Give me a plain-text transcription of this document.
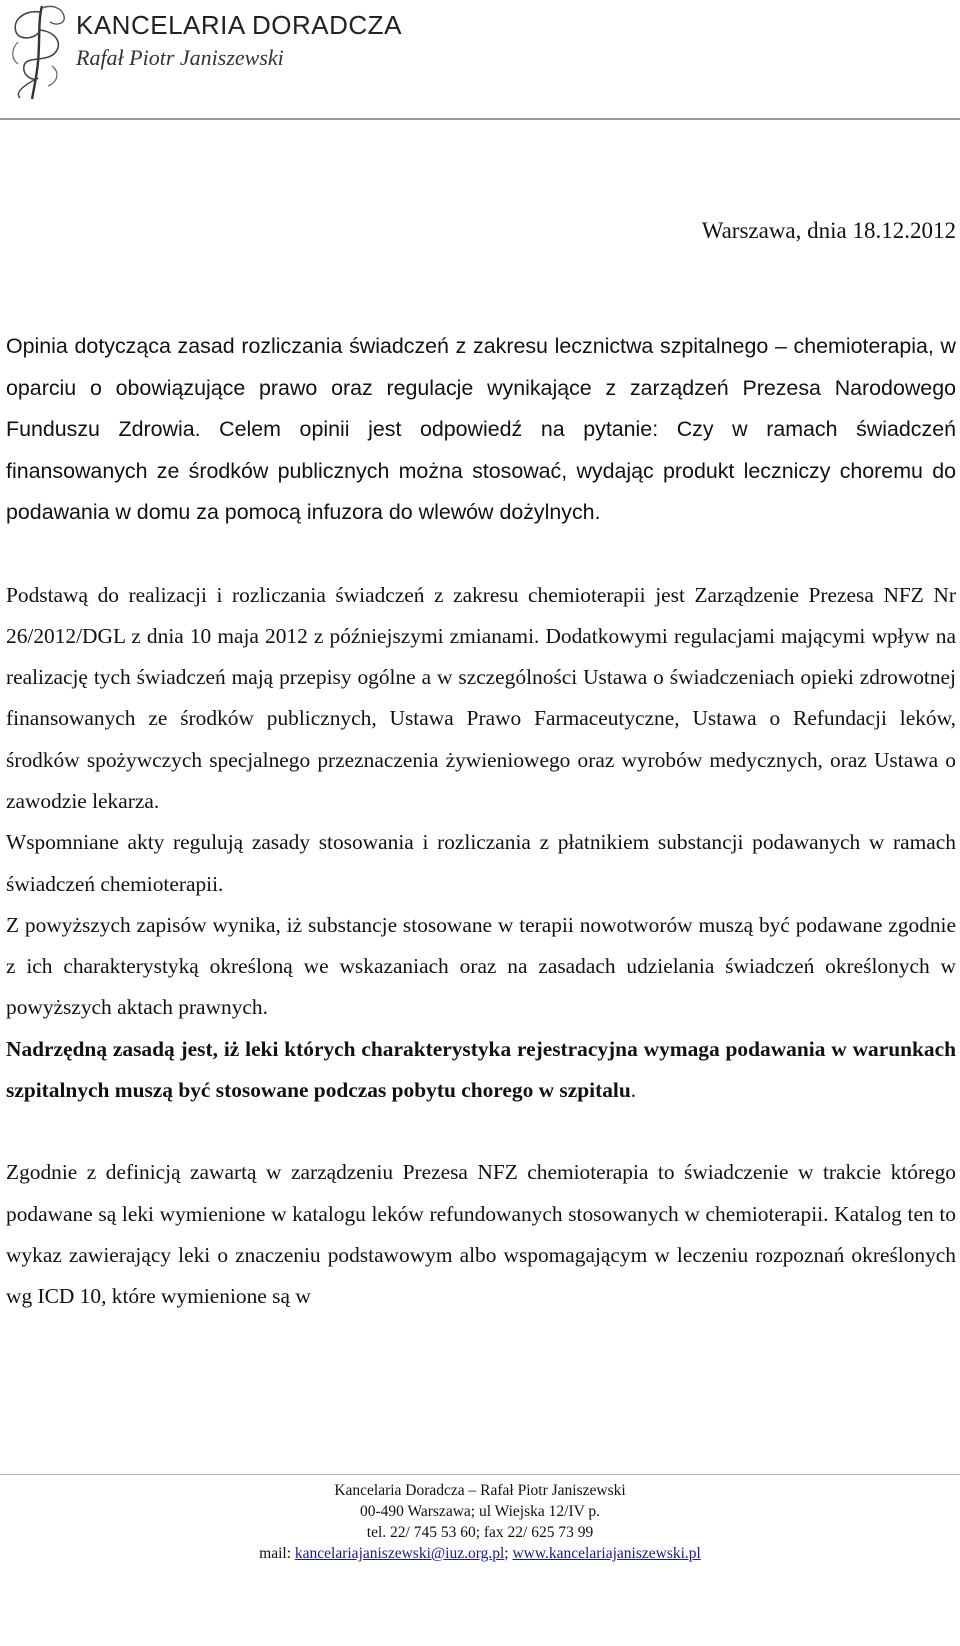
KANCELARIA DORADCZA
Rafał Piotr Janiszewski
Warszawa, dnia 18.12.2012

Opinia dotycząca zasad rozliczania świadczeń z zakresu lecznictwa szpitalnego – chemioterapia, w oparciu o obowiązujące prawo oraz regulacje wynikające z zarządzeń Prezesa Narodowego Funduszu Zdrowia. Celem opinii jest odpowiedź na pytanie: Czy w ramach świadczeń finansowanych ze środków publicznych można stosować, wydając produkt leczniczy choremu do podawania w domu za pomocą infuzora do wlewów dożylnych.

Podstawą do realizacji i rozliczania świadczeń z zakresu chemioterapii jest Zarządzenie Prezesa NFZ Nr 26/2012/DGL z dnia 10 maja 2012 z późniejszymi zmianami. Dodatkowymi regulacjami mającymi wpływ na realizację tych świadczeń mają przepisy ogólne a w szczególności Ustawa o świadczeniach opieki zdrowotnej finansowanych ze środków publicznych, Ustawa Prawo Farmaceutyczne, Ustawa o Refundacji leków, środków spożywczych specjalnego przeznaczenia żywieniowego oraz wyrobów medycznych, oraz Ustawa o zawodzie lekarza.

Wspomniane akty regulują zasady stosowania i rozliczania z płatnikiem substancji podawanych w ramach świadczeń chemioterapii.

Z powyższych zapisów wynika, iż substancje stosowane w terapii nowotworów muszą być podawane zgodnie z ich charakterystyką określoną we wskazaniach oraz na zasadach udzielania świadczeń określonych w powyższych aktach prawnych.

Nadrzędną zasadą jest, iż leki których charakterystyka rejestracyjna wymaga podawania w warunkach szpitalnych muszą być stosowane podczas pobytu chorego w szpitalu.

Zgodnie z definicją zawartą w zarządzeniu Prezesa NFZ chemioterapia to świadczenie w trakcie którego podawane są leki wymienione w katalogu leków refundowanych stosowanych w chemioterapii. Katalog ten to wykaz zawierający leki o znaczeniu podstawowym albo wspomagającym w leczeniu rozpoznań określonych wg ICD 10, które wymienione są w

Kancelaria Doradcza – Rafał Piotr Janiszewski
00-490 Warszawa; ul Wiejska 12/IV p.
tel. 22/ 745 53 60; fax 22/ 625 73 99
mail: kancelariajaniszewski@iuz.org.pl; www.kancelariajaniszewski.pl
